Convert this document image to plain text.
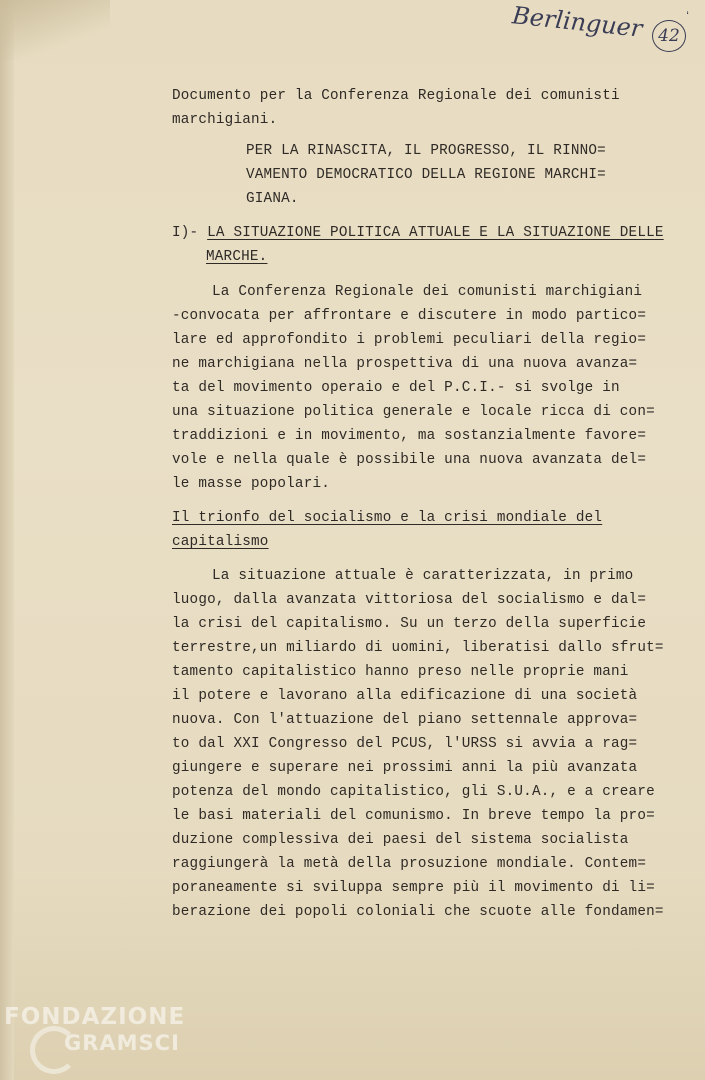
Berlinguer 42
ʻ
Documento per la Conferenza Regionale dei comunisti
marchigiani.
PER LA RINASCITA, IL PROGRESSO, IL RINNO=
VAMENTO DEMOCRATICO DELLA REGIONE MARCHI=
GIANA.
I)- LA SITUAZIONE POLITICA ATTUALE E LA SITUAZIONE DELLE
MARCHE.
La Conferenza Regionale dei comunisti marchigiani
-convocata per affrontare e discutere in modo partico=
lare ed approfondito i problemi peculiari della regio=
ne marchigiana nella prospettiva di una nuova avanza=
ta del movimento operaio e del P.C.I.- si svolge in
una situazione politica generale e locale ricca di con=
traddizioni e in movimento, ma sostanzialmente favore=
vole e nella quale è possibile una nuova avanzata del=
le masse popolari.
Il trionfo del socialismo e la crisi mondiale del
capitalismo
La situazione attuale è caratterizzata, in primo
luogo, dalla avanzata vittoriosa del socialismo e dal=
la crisi del capitalismo. Su un terzo della superficie
terrestre,un miliardo di uomini, liberatisi dallo sfrut=
tamento capitalistico hanno preso nelle proprie mani
il potere e lavorano alla edificazione di una società
nuova. Con l'attuazione del piano settennale approva=
to dal XXI Congresso del PCUS, l'URSS si avvia a rag=
giungere e superare nei prossimi anni la più avanzata
potenza del mondo capitalistico, gli S.U.A., e a creare
le basi materiali del comunismo. In breve tempo la pro=
duzione complessiva dei paesi del sistema socialista
raggiungerà la metà della prosuzione mondiale. Contem=
poraneamente si sviluppa sempre più il movimento di li=
berazione dei popoli coloniali che scuote alle fondamen=
FONDAZIONE
GRAMSCI
